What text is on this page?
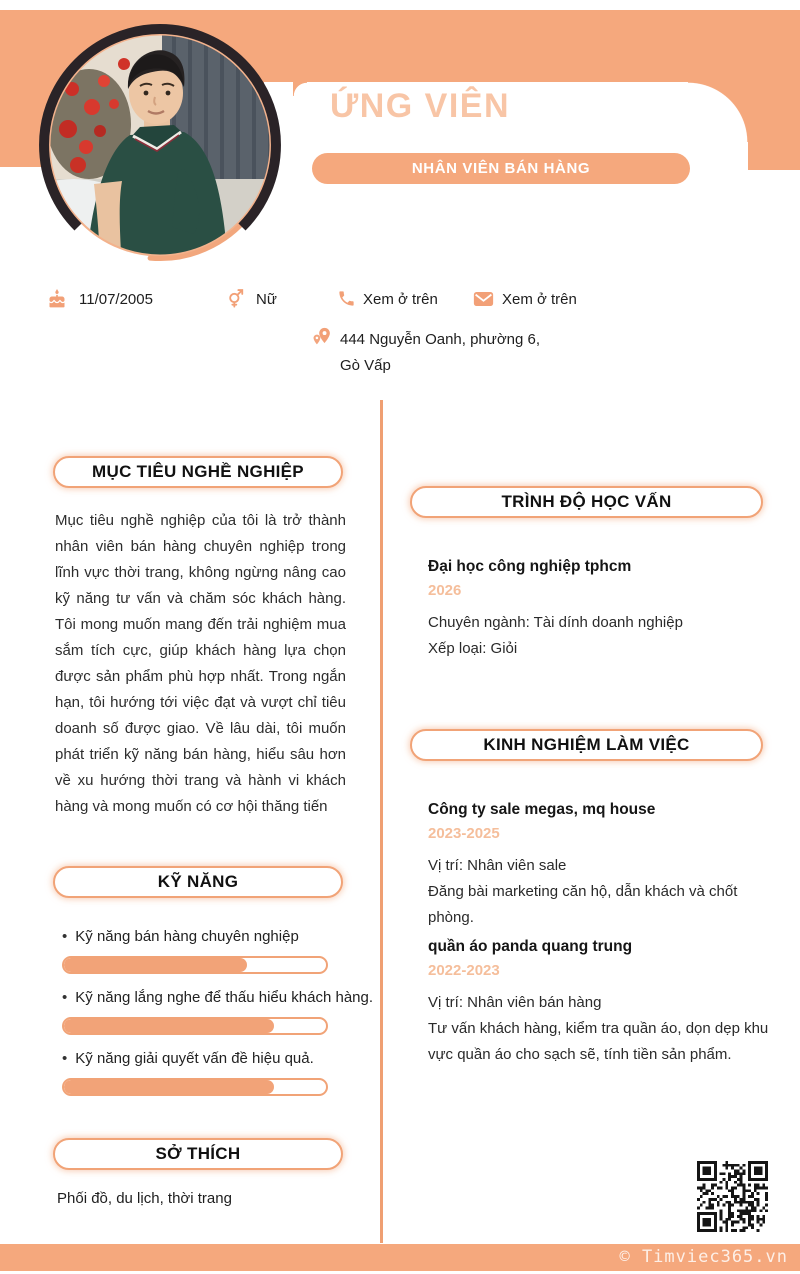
ỨNG VIÊN
NHÂN VIÊN BÁN HÀNG
11/07/2005	Nữ	Xem ở trên	Xem ở trên
444 Nguyễn Oanh, phường 6, Gò Vấp
MỤC TIÊU NGHỀ NGHIỆP
Mục tiêu nghề nghiệp của tôi là trở thành nhân viên bán hàng chuyên nghiệp trong lĩnh vực thời trang, không ngừng nâng cao kỹ năng tư vấn và chăm sóc khách hàng. Tôi mong muốn mang đến trải nghiệm mua sắm tích cực, giúp khách hàng lựa chọn được sản phẩm phù hợp nhất. Trong ngắn hạn, tôi hướng tới việc đạt và vượt chỉ tiêu doanh số được giao. Về lâu dài, tôi muốn phát triển kỹ năng bán hàng, hiểu sâu hơn về xu hướng thời trang và hành vi khách hàng và mong muốn có cơ hội thăng tiến
KỸ NĂNG
• Kỹ năng bán hàng chuyên nghiệp
• Kỹ năng lắng nghe để thấu hiểu khách hàng.
• Kỹ năng giải quyết vấn đề hiệu quả.
SỞ THÍCH
Phối đồ, du lịch, thời trang
TRÌNH ĐỘ HỌC VẤN
Đại học công nghiệp tphcm
2026
Chuyên ngành: Tài dính doanh nghiệp
Xếp loại: Giỏi
KINH NGHIỆM LÀM VIỆC
Công ty sale megas, mq house
2023-2025
Vị trí: Nhân viên sale
Đăng bài marketing căn hộ, dẫn khách và chốt phòng.
quần áo panda quang trung
2022-2023
Vị trí: Nhân viên bán hàng
Tư vấn khách hàng, kiểm tra quần áo, dọn dẹp khu vực quần áo cho sạch sẽ, tính tiền sản phẩm.
© Timviec365.vn
